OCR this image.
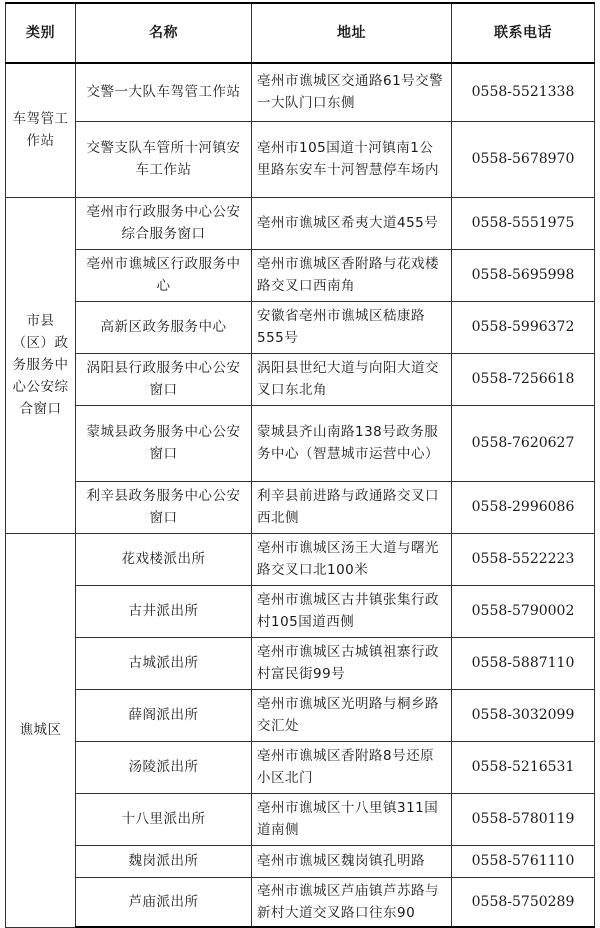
类别	名称	地址	联系电话
车驾管工作站	交警一大队车驾管工作站	亳州市谯城区交通路61号交警一大队门口东侧	0558-5521338
	交警支队车管所十河镇安车工作站	亳州市105国道十河镇南1公里路东安车十河智慧停车场内	0558-5678970
市县（区）政务服务中心公安综合窗口	亳州市行政服务中心公安综合服务窗口	亳州市谯城区希夷大道455号	0558-5551975
	亳州市谯城区行政服务中心	亳州市谯城区香附路与花戏楼路交叉口西南角	0558-5695998
	高新区政务服务中心	安徽省亳州市谯城区嵇康路555号	0558-5996372
	涡阳县行政服务中心公安窗口	涡阳县世纪大道与向阳大道交叉口东北角	0558-7256618
	蒙城县政务服务中心公安窗口	蒙城县齐山南路138号政务服务中心（智慧城市运营中心）	0558-7620627
	利辛县政务服务中心公安窗口	利辛县前进路与政通路交叉口西北侧	0558-2996086
谯城区	花戏楼派出所	亳州市谯城区汤王大道与曙光路交叉口北100米	0558-5522223
	古井派出所	亳州市谯城区古井镇张集行政村105国道西侧	0558-5790002
	古城派出所	亳州市谯城区古城镇祖寨行政村富民街99号	0558-5887110
	薛阁派出所	亳州市谯城区光明路与桐乡路交汇处	0558-3032099
	汤陵派出所	亳州市谯城区香附路8号还原小区北门	0558-5216531
	十八里派出所	亳州市谯城区十八里镇311国道南侧	0558-5780119
	魏岗派出所	亳州市谯城区魏岗镇孔明路	0558-5761110
	芦庙派出所	亳州市谯城区芦庙镇芦苏路与新村大道交叉路口往东90	0558-5750289
